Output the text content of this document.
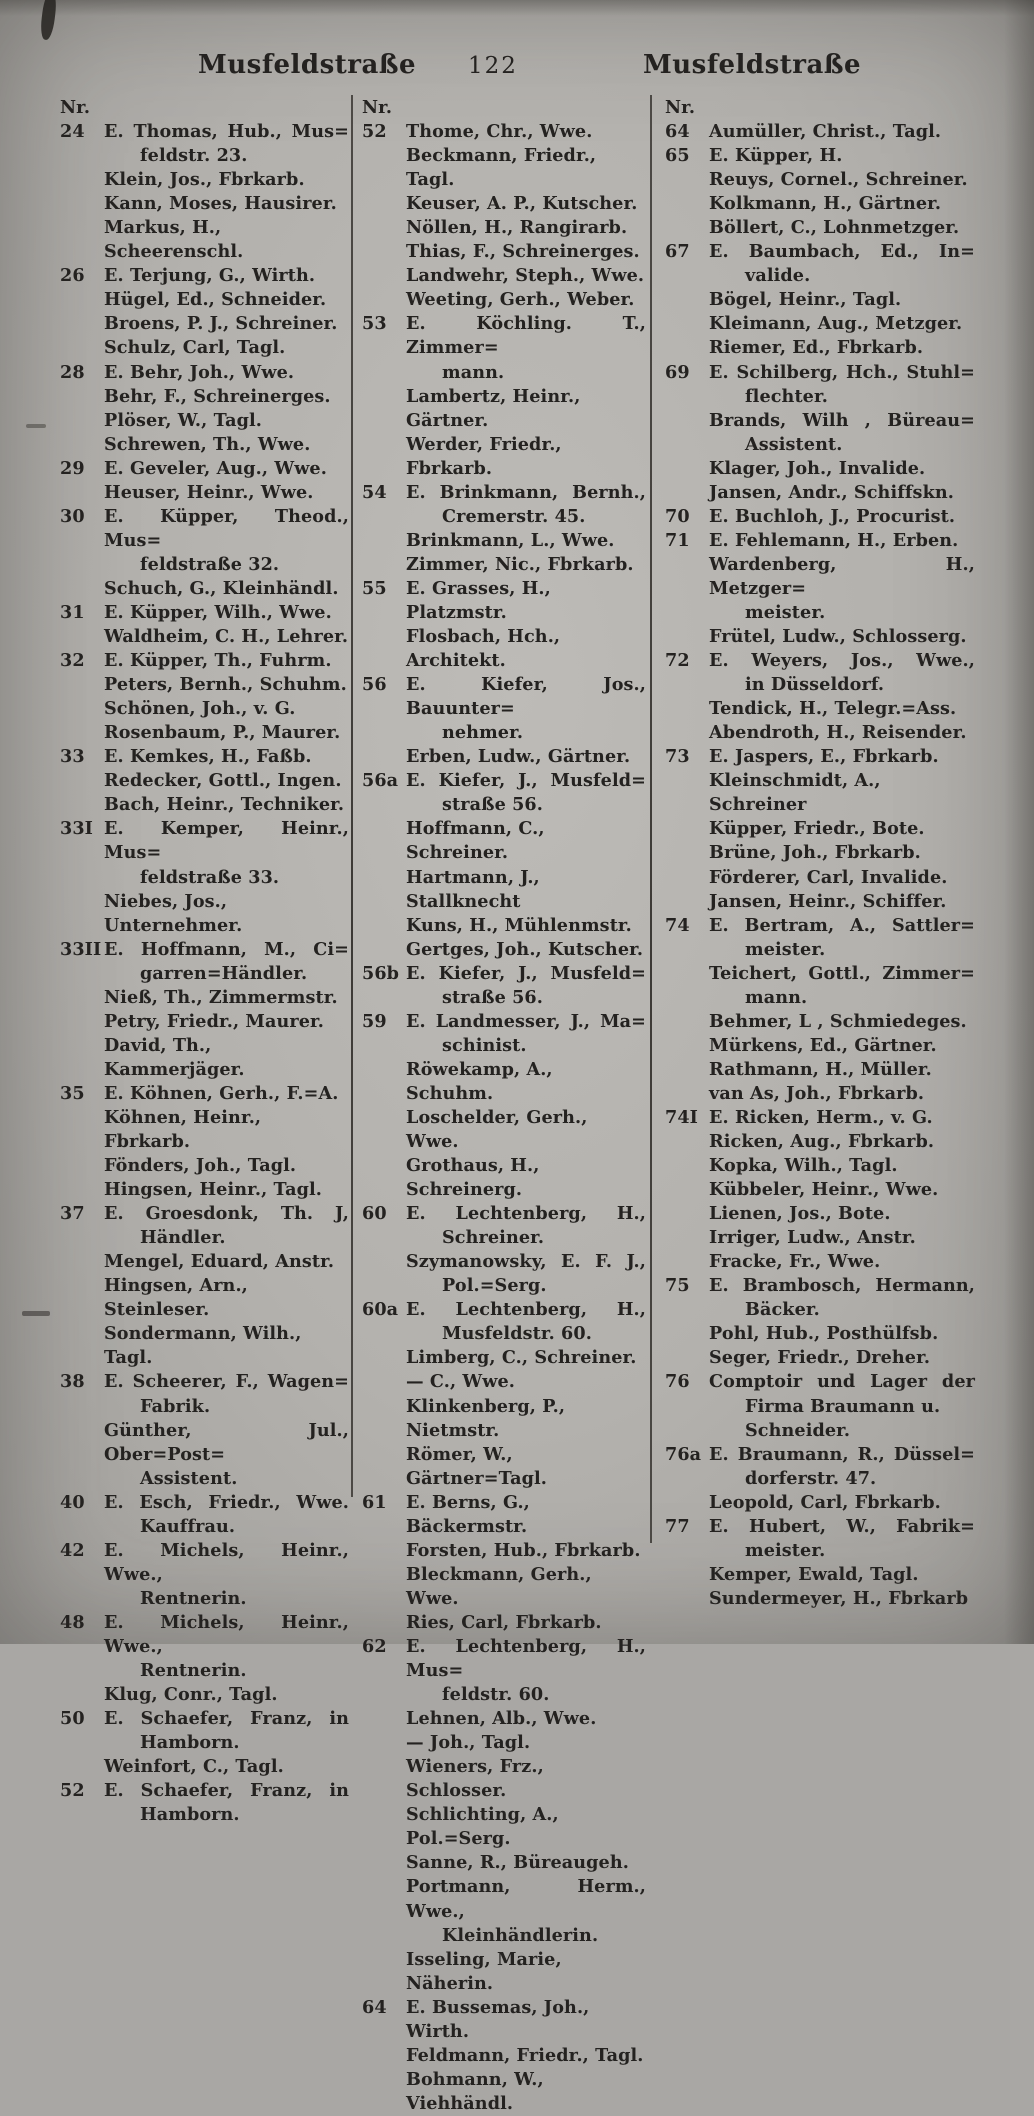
Musfeldstraße 122	Musfeldstraße
Nr.
24	E. Thomas, Hub., Mus=
feldstr. 23.
Klein, Jos., Fbrkarb.
Kann, Moses, Hausirer.
Markus, H., Scheerenschl.
26	E. Terjung, G., Wirth.
Hügel, Ed., Schneider.
Broens, P. J., Schreiner.
Schulz, Carl, Tagl.
28	E. Behr, Joh., Wwe.
Behr, F., Schreinerges.
Plöser, W., Tagl.
Schrewen, Th., Wwe.
29	E. Geveler, Aug., Wwe.
Heuser, Heinr., Wwe.
30	E. Küpper, Theod., Mus=
feldstraße 32.
Schuch, G., Kleinhändl.
31	E. Küpper, Wilh., Wwe.
Waldheim, C. H., Lehrer.
32	E. Küpper, Th., Fuhrm.
Peters, Bernh., Schuhm.
Schönen, Joh., v. G.
Rosenbaum, P., Maurer.
33	E. Kemkes, H., Faßb.
Redecker, Gottl., Ingen.
Bach, Heinr., Techniker.
33I E. Kemper, Heinr., Mus=
feldstraße 33.
Niebes, Jos., Unternehmer.
33II E. Hoffmann, M., Ci=
garren=Händler.
Nieß, Th., Zimmermstr.
Petry, Friedr., Maurer.
David, Th., Kammerjäger.
35	E. Köhnen, Gerh., F.=A.
Köhnen, Heinr., Fbrkarb.
Fönders, Joh., Tagl.
Hingsen, Heinr., Tagl.
37	E. Groesdonk, Th. J,
Händler.
Mengel, Eduard, Anstr.
Hingsen, Arn., Steinleser.
Sondermann, Wilh., Tagl.
38	E. Scheerer, F., Wagen=
Fabrik.
Günther, Jul., Ober=Post=
Assistent.
40	E. Esch, Friedr., Wwe.
Kauffrau.
42	E. Michels, Heinr., Wwe.,
Rentnerin.
48	E. Michels, Heinr., Wwe.,
Rentnerin.
Klug, Conr., Tagl.
50	E. Schaefer, Franz, in
Hamborn.
Weinfort, C., Tagl.
52	E. Schaefer, Franz, in
Hamborn.
Nr.
52	Thome, Chr., Wwe.
Beckmann, Friedr., Tagl.
Keuser, A. P., Kutscher.
Nöllen, H., Rangirarb.
Thias, F., Schreinerges.
Landwehr, Steph., Wwe.
Weeting, Gerh., Weber.
53	E. Köchling. T., Zimmer=
mann.
Lambertz, Heinr., Gärtner.
Werder, Friedr., Fbrkarb.
54	E. Brinkmann, Bernh.,
Cremerstr. 45.
Brinkmann, L., Wwe.
Zimmer, Nic., Fbrkarb.
55	E. Grasses, H., Platzmstr.
Flosbach, Hch., Architekt.
56	E. Kiefer, Jos., Bauunter=
nehmer.
Erben, Ludw., Gärtner.
56a E. Kiefer, J., Musfeld=
straße 56.
Hoffmann, C., Schreiner.
Hartmann, J., Stallknecht
Kuns, H., Mühlenmstr.
Gertges, Joh., Kutscher.
56b E. Kiefer, J., Musfeld=
straße 56.
59	E. Landmesser, J., Ma=
schinist.
Röwekamp, A., Schuhm.
Loschelder, Gerh., Wwe.
Grothaus, H., Schreinerg.
60	E. Lechtenberg, H.,
Schreiner.
Szymanowsky, E. F. J.,
Pol.=Serg.
60a E. Lechtenberg, H.,
Musfeldstr. 60.
Limberg, C., Schreiner.
— C., Wwe.
Klinkenberg, P., Nietmstr.
Römer, W., Gärtner=Tagl.
61	E. Berns, G., Bäckermstr.
Forsten, Hub., Fbrkarb.
Bleckmann, Gerh., Wwe.
Ries, Carl, Fbrkarb.
62	E. Lechtenberg, H., Mus=
feldstr. 60.
Lehnen, Alb., Wwe.
— Joh., Tagl.
Wieners, Frz., Schlosser.
Schlichting, A., Pol.=Serg.
Sanne, R., Büreaugeh.
Portmann, Herm., Wwe.,
Kleinhändlerin.
Isseling, Marie, Näherin.
64	E. Bussemas, Joh., Wirth.
Feldmann, Friedr., Tagl.
Bohmann, W., Viehhändl.
Nr.
64	Aumüller, Christ., Tagl.
65	E. Küpper, H.
Reuys, Cornel., Schreiner.
Kolkmann, H., Gärtner.
Böllert, C., Lohnmetzger.
67	E. Baumbach, Ed., In=
valide.
Bögel, Heinr., Tagl.
Kleimann, Aug., Metzger.
Riemer, Ed., Fbrkarb.
69	E. Schilberg, Hch., Stuhl=
flechter.
Brands, Wilh , Büreau=
Assistent.
Klager, Joh., Invalide.
Jansen, Andr., Schiffskn.
70	E. Buchloh, J., Procurist.
71	E. Fehlemann, H., Erben.
Wardenberg, H., Metzger=
meister.
Frütel, Ludw., Schlosserg.
72	E. Weyers, Jos., Wwe.,
in Düsseldorf.
Tendick, H., Telegr.=Ass.
Abendroth, H., Reisender.
73	E. Jaspers, E., Fbrkarb.
Kleinschmidt, A., Schreiner
Küpper, Friedr., Bote.
Brüne, Joh., Fbrkarb.
Förderer, Carl, Invalide.
Jansen, Heinr., Schiffer.
74	E. Bertram, A., Sattler=
meister.
Teichert, Gottl., Zimmer=
mann.
Behmer, L , Schmiedeges.
Mürkens, Ed., Gärtner.
Rathmann, H., Müller.
van As, Joh., Fbrkarb.
74I E. Ricken, Herm., v. G.
Ricken, Aug., Fbrkarb.
Kopka, Wilh., Tagl.
Kübbeler, Heinr., Wwe.
Lienen, Jos., Bote.
Irriger, Ludw., Anstr.
Fracke, Fr., Wwe.
75	E. Brambosch, Hermann,
Bäcker.
Pohl, Hub., Posthülfsb.
Seger, Friedr., Dreher.
76	Comptoir und Lager der
Firma Braumann u.
Schneider.
76a E. Braumann, R., Düssel=
dorferstr. 47.
Leopold, Carl, Fbrkarb.
77	E. Hubert, W., Fabrik=
meister.
Kemper, Ewald, Tagl.
Sundermeyer, H., Fbrkarb
